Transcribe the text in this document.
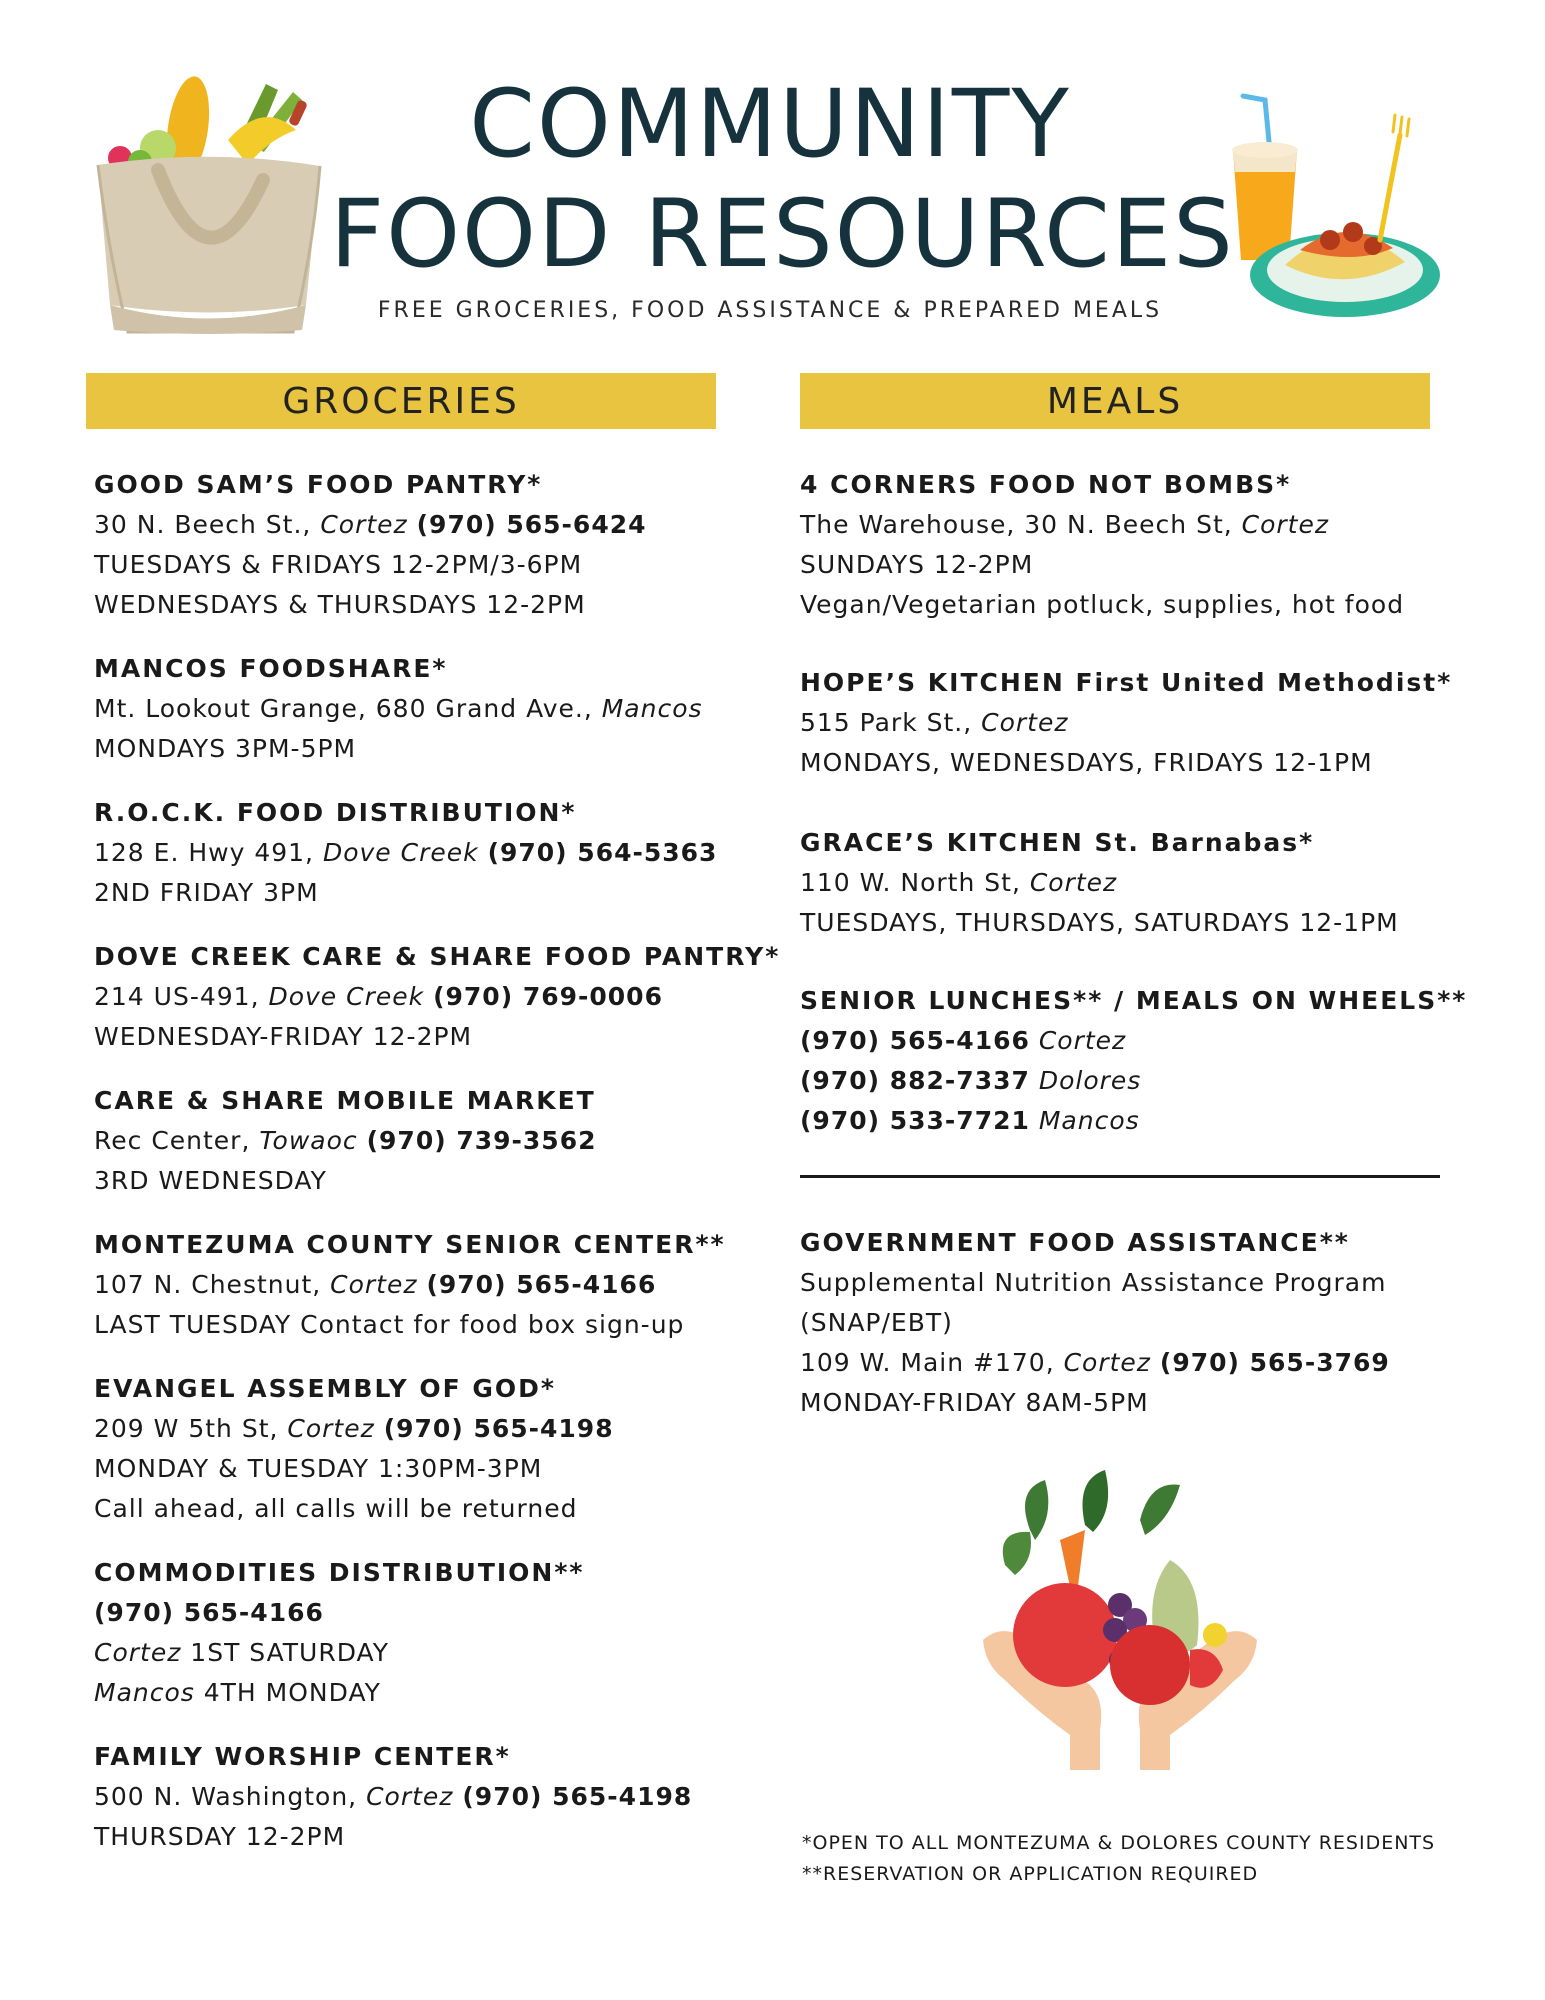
COMMUNITY
FOOD RESOURCES
FREE GROCERIES, FOOD ASSISTANCE & PREPARED MEALS
GROCERIES	MEALS
GOOD SAM’S FOOD PANTRY*
30 N. Beech St., Cortez (970) 565-6424
TUESDAYS & FRIDAYS 12-2PM/3-6PM
WEDNESDAYS & THURSDAYS 12-2PM
MANCOS FOODSHARE*
Mt. Lookout Grange, 680 Grand Ave., Mancos
MONDAYS 3PM-5PM
R.O.C.K. FOOD DISTRIBUTION*
128 E. Hwy 491, Dove Creek (970) 564-5363
2ND FRIDAY 3PM
DOVE CREEK CARE & SHARE FOOD PANTRY*
214 US-491, Dove Creek (970) 769-0006
WEDNESDAY-FRIDAY 12-2PM
CARE & SHARE MOBILE MARKET
Rec Center, Towaoc (970) 739-3562
3RD WEDNESDAY
MONTEZUMA COUNTY SENIOR CENTER**
107 N. Chestnut, Cortez (970) 565-4166
LAST TUESDAY Contact for food box sign-up
EVANGEL ASSEMBLY OF GOD*
209 W 5th St, Cortez (970) 565-4198
MONDAY & TUESDAY 1:30PM-3PM
Call ahead, all calls will be returned
COMMODITIES DISTRIBUTION**
(970) 565-4166
Cortez 1ST SATURDAY
Mancos 4TH MONDAY
FAMILY WORSHIP CENTER*
500 N. Washington, Cortez (970) 565-4198
THURSDAY 12-2PM
4 CORNERS FOOD NOT BOMBS*
The Warehouse, 30 N. Beech St, Cortez
SUNDAYS 12-2PM
Vegan/Vegetarian potluck, supplies, hot food
HOPE’S KITCHEN First United Methodist*
515 Park St., Cortez
MONDAYS, WEDNESDAYS, FRIDAYS 12-1PM
GRACE’S KITCHEN St. Barnabas*
110 W. North St, Cortez
TUESDAYS, THURSDAYS, SATURDAYS 12-1PM
SENIOR LUNCHES** / MEALS ON WHEELS**
(970) 565-4166 Cortez
(970) 882-7337 Dolores
(970) 533-7721 Mancos
GOVERNMENT FOOD ASSISTANCE**
Supplemental Nutrition Assistance Program
(SNAP/EBT)
109 W. Main #170, Cortez (970) 565-3769
MONDAY-FRIDAY 8AM-5PM
*OPEN TO ALL MONTEZUMA & DOLORES COUNTY RESIDENTS
**RESERVATION OR APPLICATION REQUIRED
